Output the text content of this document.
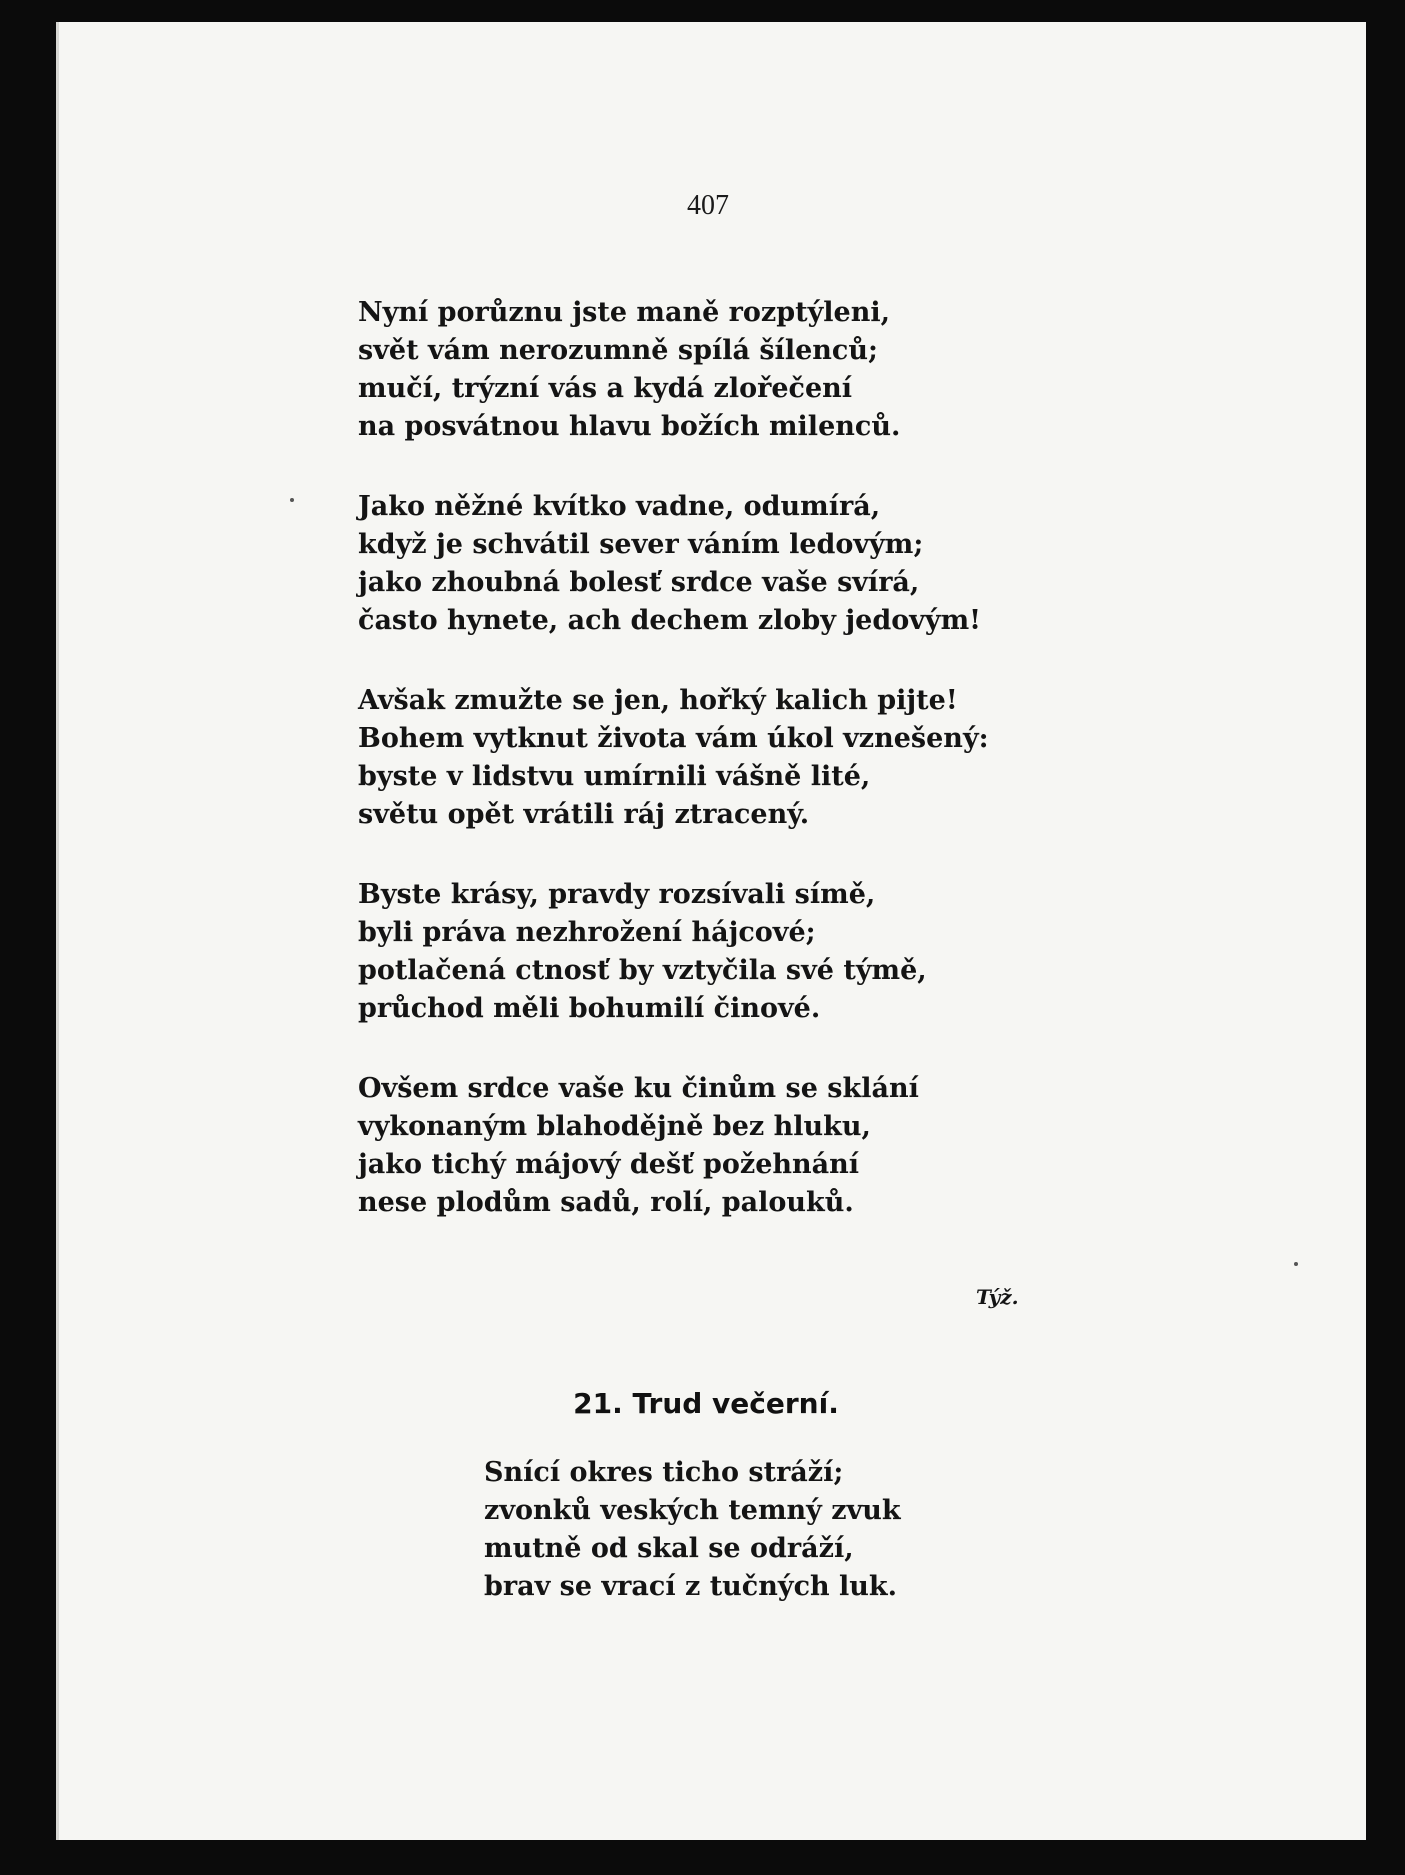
407

Nyní porůznu jste maně rozptýleni,
svět vám nerozumně spílá šílenců;
mučí, trýzní vás a kydá zlořečení
na posvátnou hlavu božích milenců.
Jako něžné kvítko vadne, odumírá,
když je schvátil sever váním ledovým;
jako zhoubná bolesť srdce vaše svírá,
často hynete, ach dechem zloby jedovým!
Avšak zmužte se jen, hořký kalich pijte!
Bohem vytknut života vám úkol vznešený:
byste v lidstvu umírnili vášně lité,
světu opět vrátili ráj ztracený.
Byste krásy, pravdy rozsívali símě,
byli práva nezhrožení hájcové;
potlačená ctnosť by vztyčila své týmě,
průchod měli bohumilí činové.
Ovšem srdce vaše ku činům se sklání
vykonaným blahodějně bez hluku,
jako tichý májový dešť požehnání
nese plodům sadů, rolí, palouků.
Týž.
21. Trud večerní.
Snící okres ticho stráží;
zvonků veských temný zvuk
mutně od skal se odráží,
brav se vrací z tučných luk.
